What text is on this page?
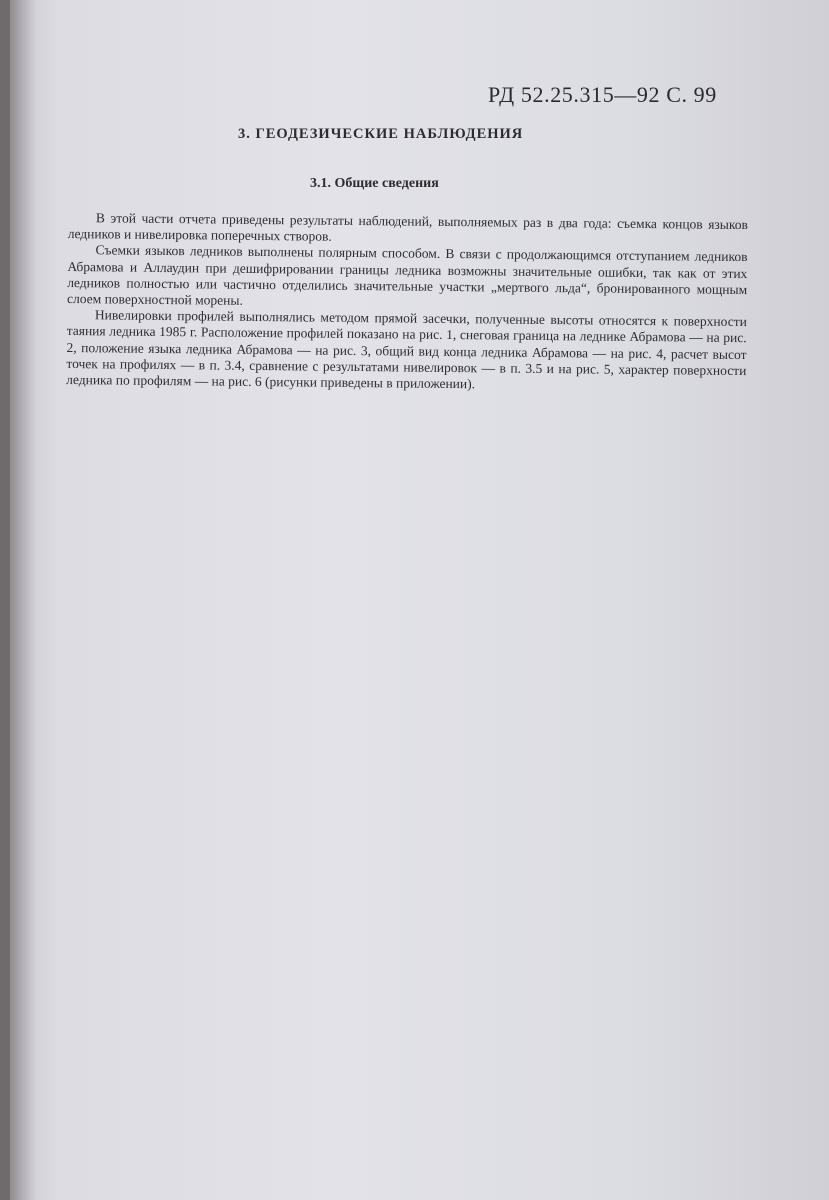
РД 52.25.315—92 С. 99
3. ГЕОДЕЗИЧЕСКИЕ НАБЛЮДЕНИЯ
3.1. Общие сведения

В этой части отчета приведены результаты наблюдений, выполняемых раз в два года: съемка концов языков ледников и нивелировка поперечных створов.

Съемки языков ледников выполнены полярным способом. В связи с продолжающимся отступанием ледников Абрамова и Аллаудин при дешифрировании границы ледника возможны значительные ошибки, так как от этих ледников полностью или частично отделились значительные участки „мертвого льда“, бронированного мощным слоем поверхностной морены.

Нивелировки профилей выполнялись методом прямой засечки, полученные высоты относятся к поверхности таяния ледника 1985 г. Расположение профилей показано на рис. 1, снеговая граница на леднике Абрамова — на рис. 2, положение языка ледника Абрамова — на рис. 3, общий вид конца ледника Абрамова — на рис. 4, расчет высот точек на профилях — в п. 3.4, сравнение с результатами нивелировок — в п. 3.5 и на рис. 5, характер поверхности ледника по профилям — на рис. 6 (рисунки приведены в приложении).
